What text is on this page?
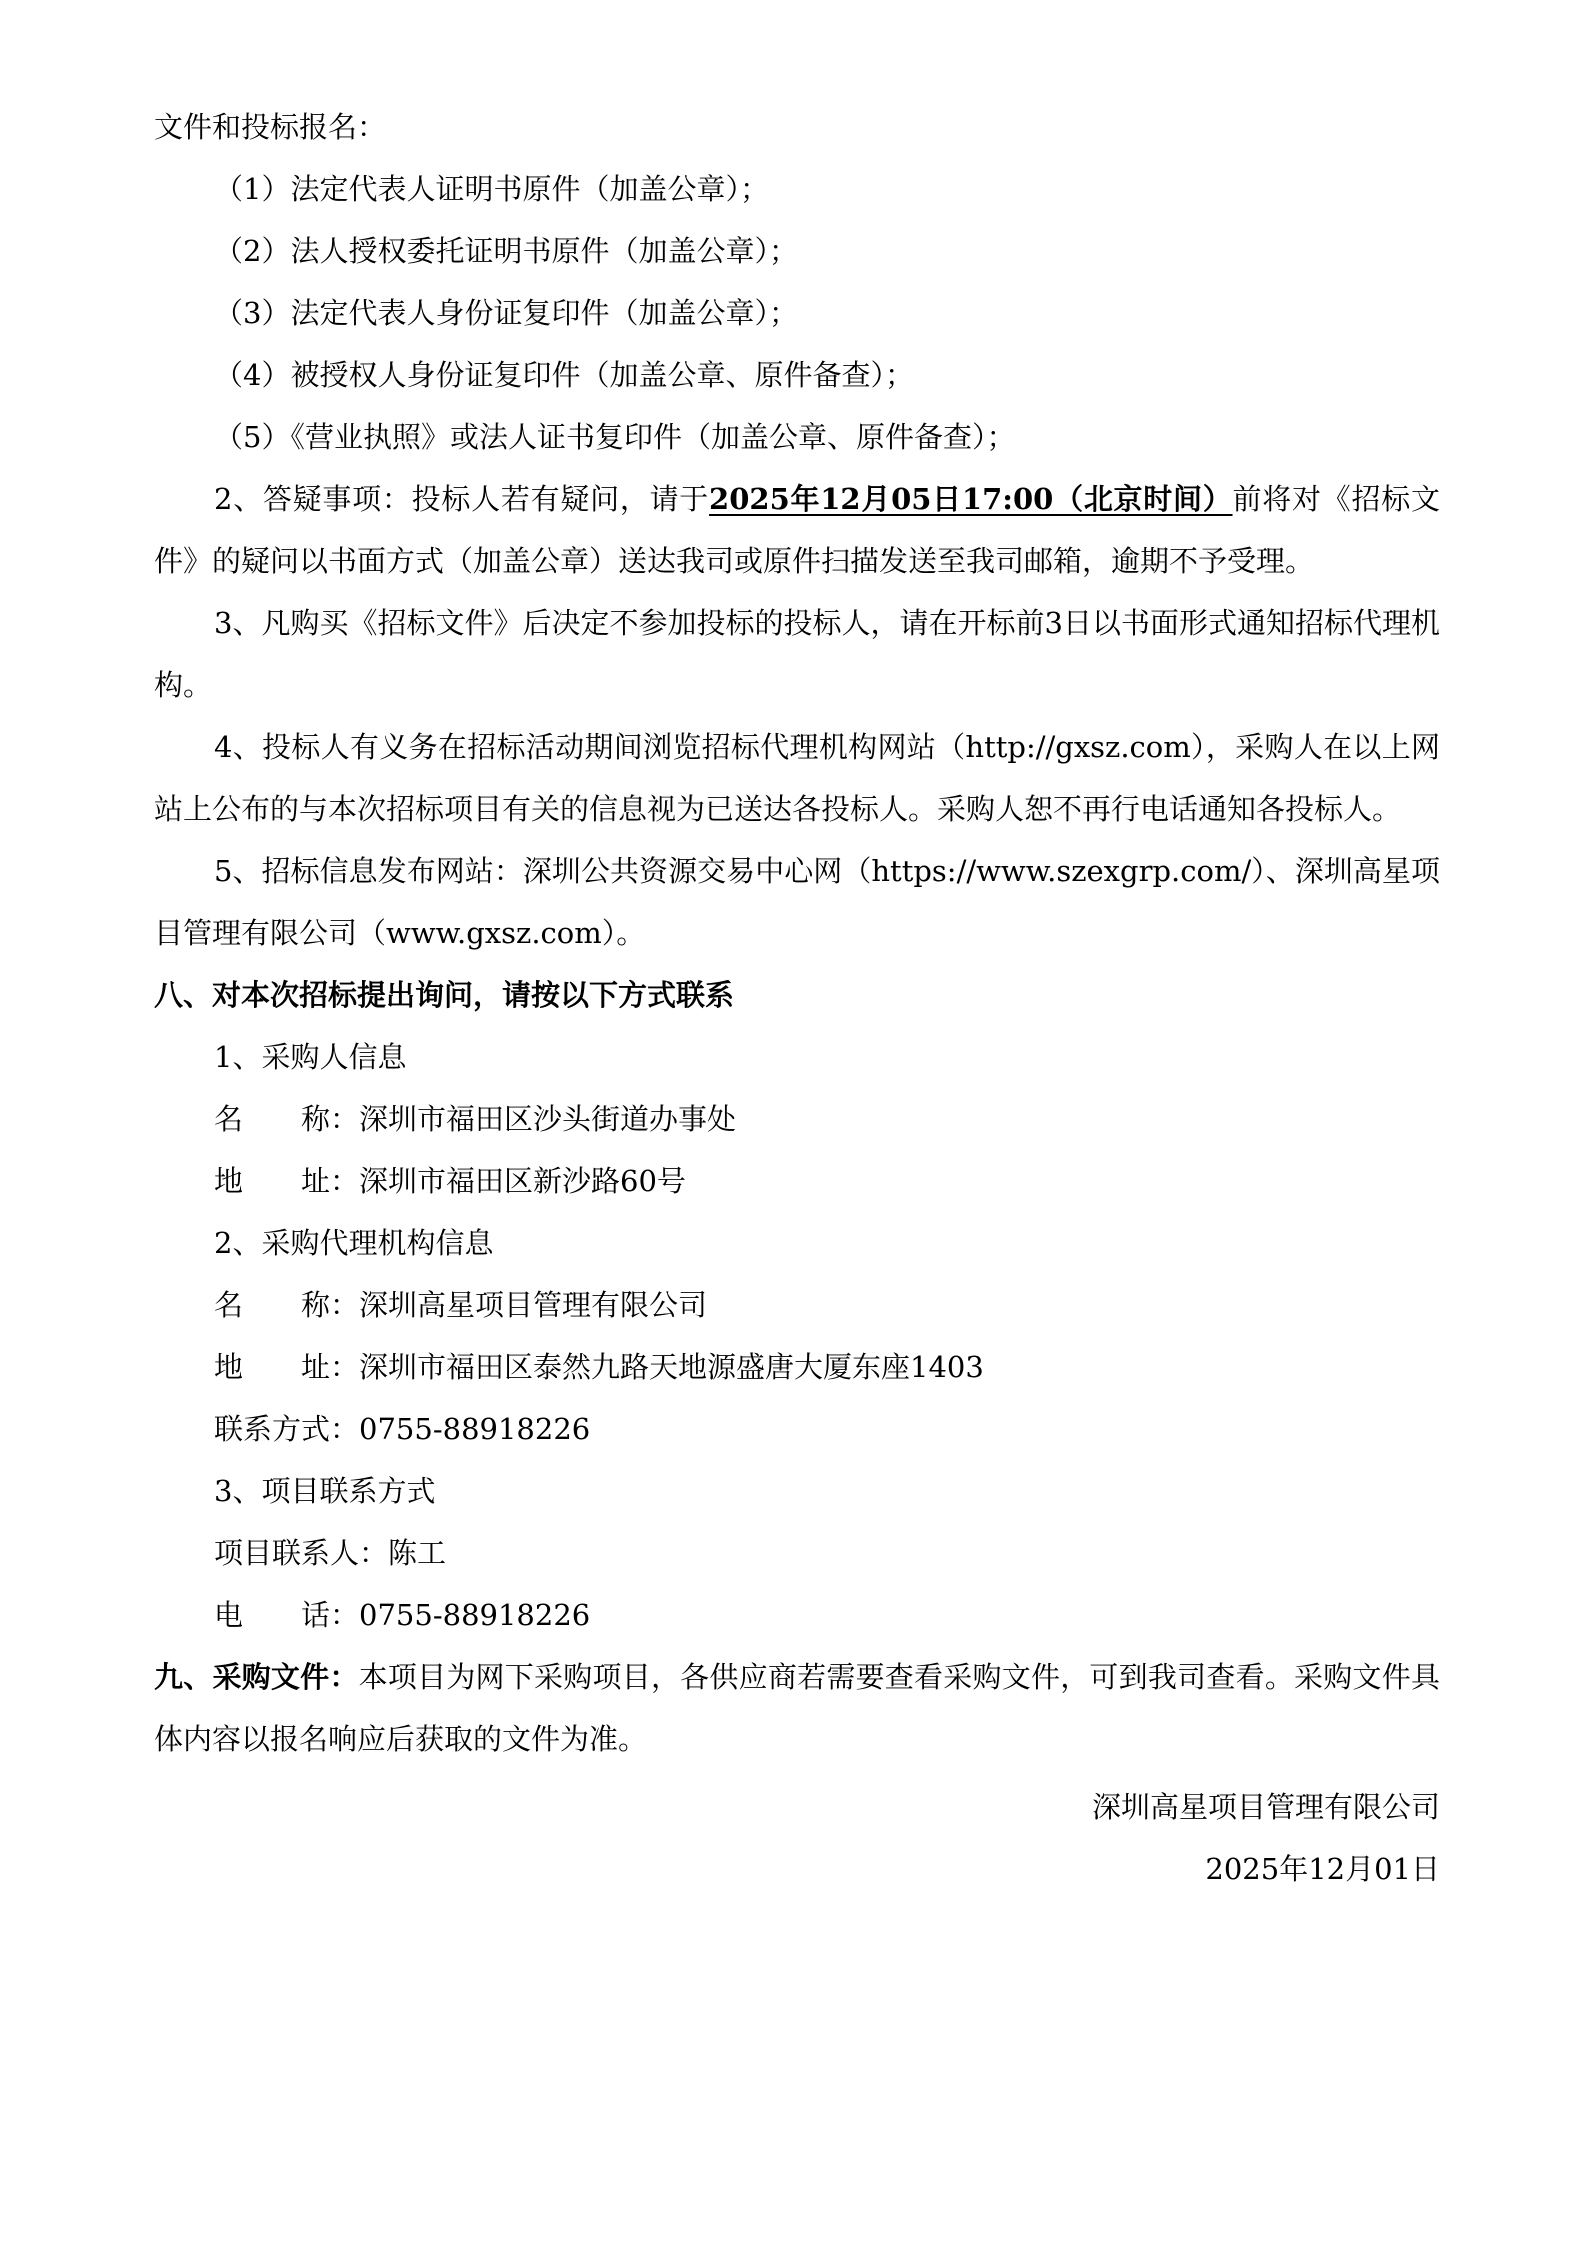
文件和投标报名：

（1）法定代表人证明书原件（加盖公章）；

（2）法人授权委托证明书原件（加盖公章）；

（3）法定代表人身份证复印件（加盖公章）；

（4）被授权人身份证复印件（加盖公章、原件备查）；

（5）《营业执照》或法人证书复印件（加盖公章、原件备查）；

2、答疑事项：投标人若有疑问，请于2025年12月05日17:00（北京时间）前将对《招标文件》的疑问以书面方式（加盖公章）送达我司或原件扫描发送至我司邮箱，逾期不予受理。

3、凡购买《招标文件》后决定不参加投标的投标人，请在开标前3日以书面形式通知招标代理机构。

4、投标人有义务在招标活动期间浏览招标代理机构网站（http://gxsz.com），采购人在以上网站上公布的与本次招标项目有关的信息视为已送达各投标人。采购人恕不再行电话通知各投标人。

5、招标信息发布网站：深圳公共资源交易中心网（https://www.szexgrp.com/）、深圳高星项目管理有限公司（www.gxsz.com）。

八、对本次招标提出询问，请按以下方式联系

1、采购人信息

名　　称：深圳市福田区沙头街道办事处

地　　址：深圳市福田区新沙路60号

2、采购代理机构信息

名　　称：深圳高星项目管理有限公司

地　　址：深圳市福田区泰然九路天地源盛唐大厦东座1403

联系方式：0755-88918226

3、项目联系方式

项目联系人：陈工

电　　话：0755-88918226

九、采购文件：本项目为网下采购项目，各供应商若需要查看采购文件，可到我司查看。采购文件具体内容以报名响应后获取的文件为准。

深圳高星项目管理有限公司

2025年12月01日
